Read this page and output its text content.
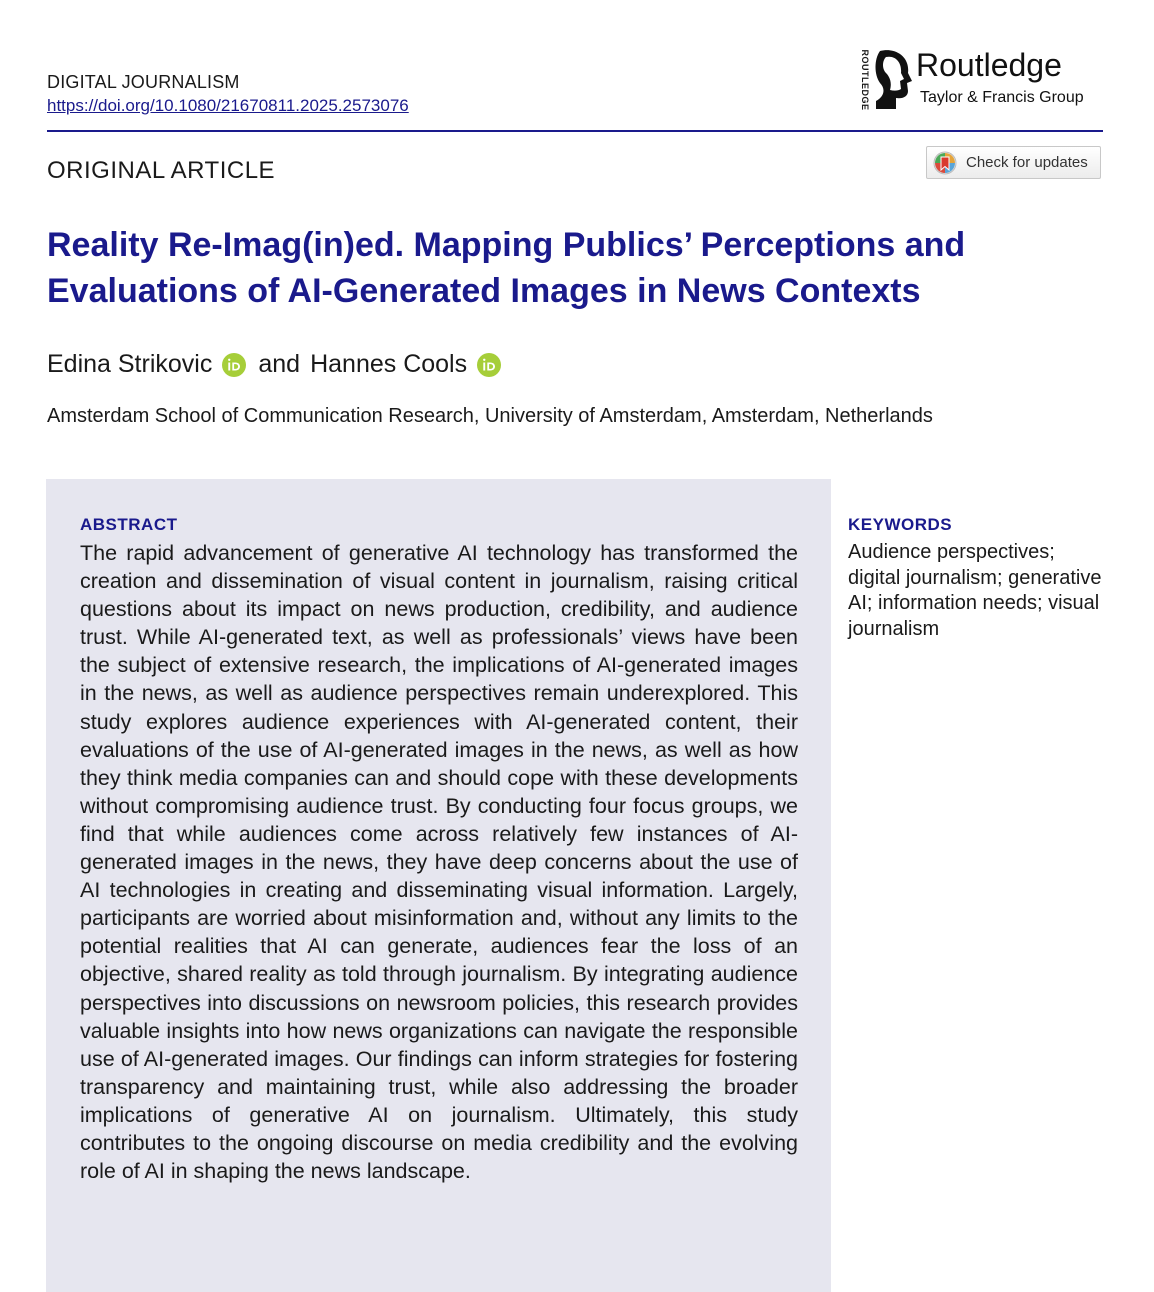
DIGITAL JOURNALISM
https://doi.org/10.1080/21670811.2025.2573076	ROUTLEDGE Routledge
Taylor & Francis Group
ORIGINAL ARTICLE	Check for updates
Reality Re-Imag(in)ed. Mapping Publics’ Perceptions and Evaluations of AI-Generated Images in News Contexts
Edina Strikovic and Hannes Cools
Amsterdam School of Communication Research, University of Amsterdam, Amsterdam, Netherlands
ABSTRACT

The rapid advancement of generative AI technology has transformed the creation and dissemination of visual content in journalism, raising critical questions about its impact on news production, credibility, and audience trust. While AI-generated text, as well as professionals’ views have been the subject of extensive research, the implications of AI-generated images in the news, as well as audience perspectives remain underexplored. This study explores audience experiences with AI-generated content, their evaluations of the use of AI-generated images in the news, as well as how they think media companies can and should cope with these developments without compromising audience trust. By conducting four focus groups, we find that while audiences come across relatively few instances of AI-generated images in the news, they have deep concerns about the use of AI technologies in creating and disseminating visual information. Largely, participants are worried about misinformation and, without any limits to the potential realities that AI can generate, audiences fear the loss of an objective, shared reality as told through journalism. By integrating audience perspectives into discussions on newsroom policies, this research provides valuable insights into how news organizations can navigate the responsible use of AI-generated images. Our findings can inform strategies for fostering transparency and maintaining trust, while also addressing the broader implications of generative AI on journalism. Ultimately, this study contributes to the ongoing discourse on media credibility and the evolving role of AI in shaping the news landscape.

KEYWORDS

Audience perspectives; digital journalism; generative AI; information needs; visual journalism
